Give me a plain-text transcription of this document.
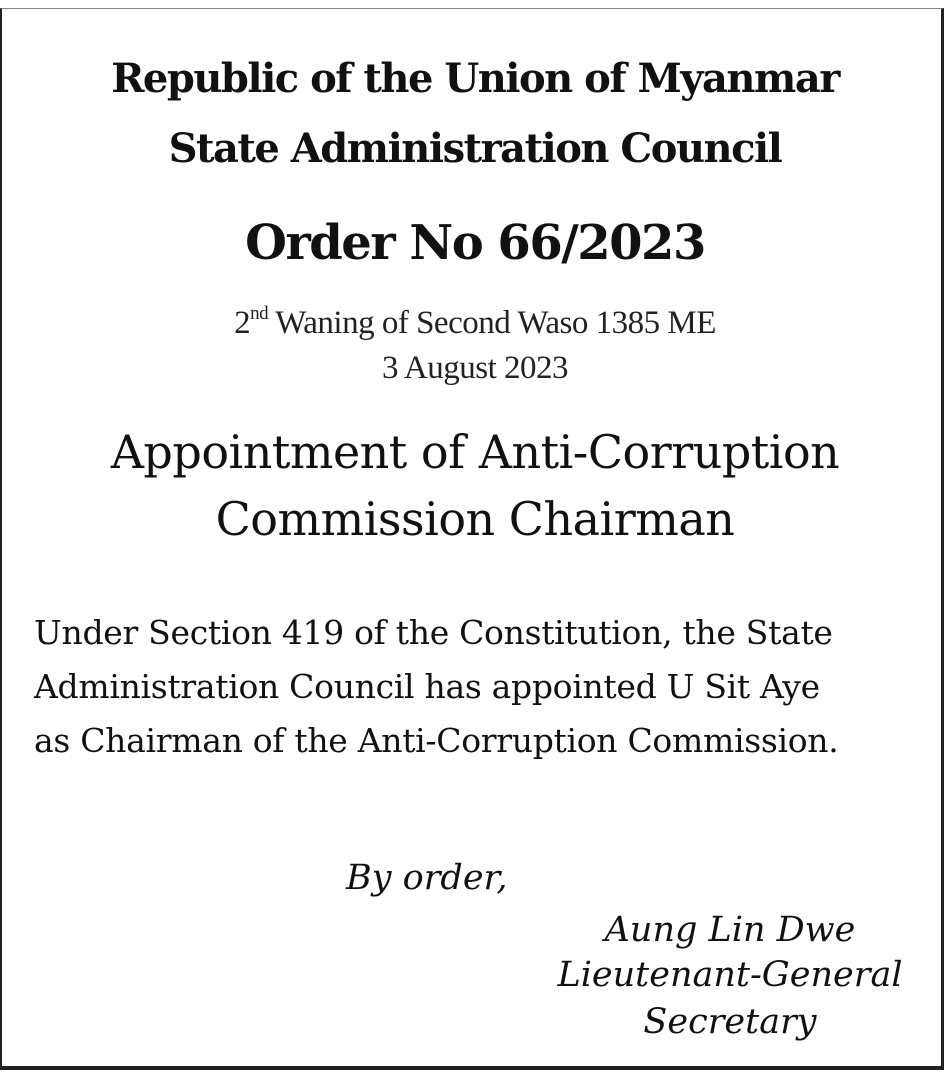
Republic of the Union of Myanmar
State Administration Council
Order No 66/2023
2nd Waning of Second Waso 1385 ME
3 August 2023
Appointment of Anti-Corruption
Commission Chairman
Under Section 419 of the Constitution, the State
Administration Council has appointed U Sit Aye
as Chairman of the Anti-Corruption Commission.
By order,
Aung Lin Dwe
Lieutenant-General
Secretary
